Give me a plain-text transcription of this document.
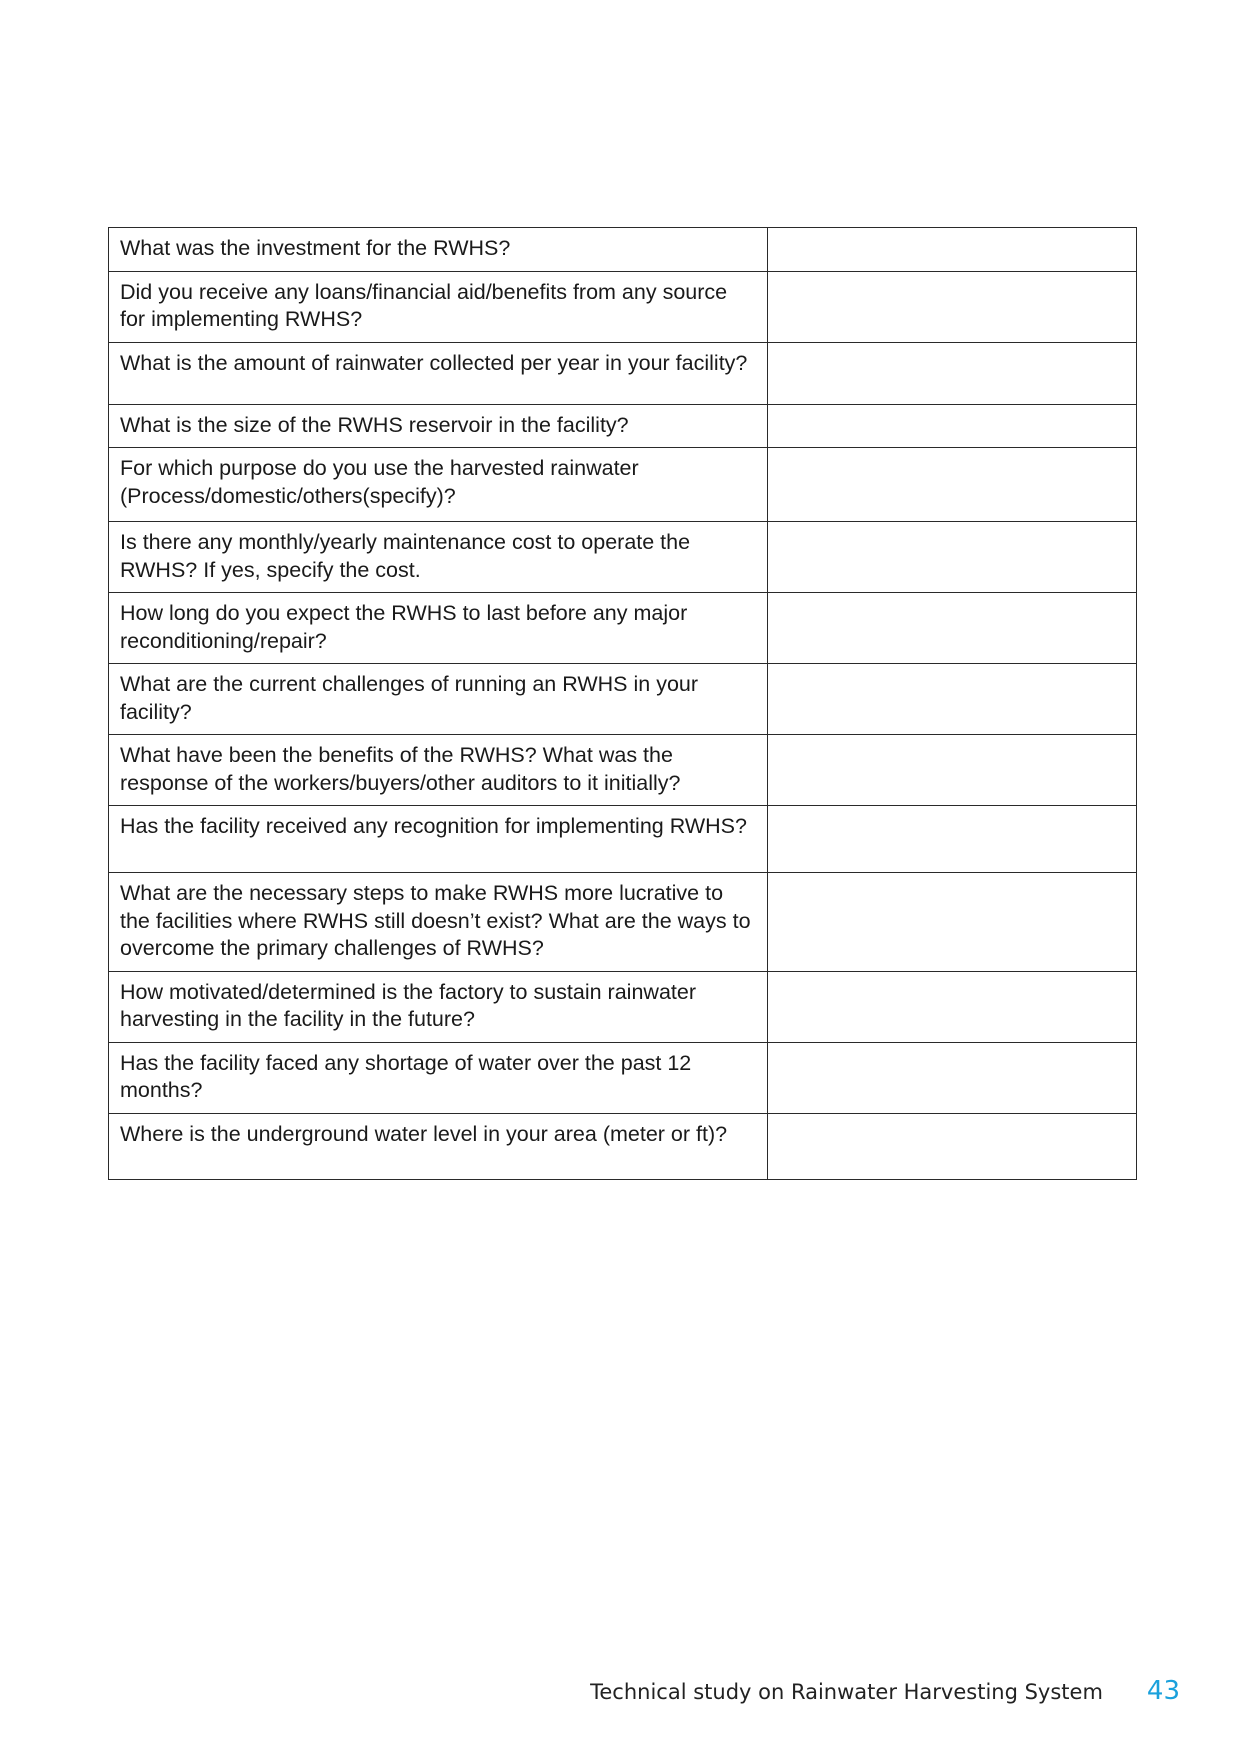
What was the investment for the RWHS?	
Did you receive any loans/financial aid/benefits from any source for implementing RWHS?	
What is the amount of rainwater collected per year in your facility?	
What is the size of the RWHS reservoir in the facility?	
For which purpose do you use the harvested rainwater (Process/domestic/others(specify)?	
Is there any monthly/yearly maintenance cost to operate the RWHS? If yes, specify the cost.	
How long do you expect the RWHS to last before any major reconditioning/repair?	
What are the current challenges of running an RWHS in your facility?	
What have been the benefits of the RWHS? What was the response of the workers/buyers/other auditors to it initially?	
Has the facility received any recognition for implementing RWHS?	
What are the necessary steps to make RWHS more lucrative to the facilities where RWHS still doesn’t exist? What are the ways to overcome the primary challenges of RWHS?	
How motivated/determined is the factory to sustain rainwater harvesting in the facility in the future?	
Has the facility faced any shortage of water over the past 12 months?	
Where is the underground water level in your area (meter or ft)?	
Technical study on Rainwater Harvesting System 43
